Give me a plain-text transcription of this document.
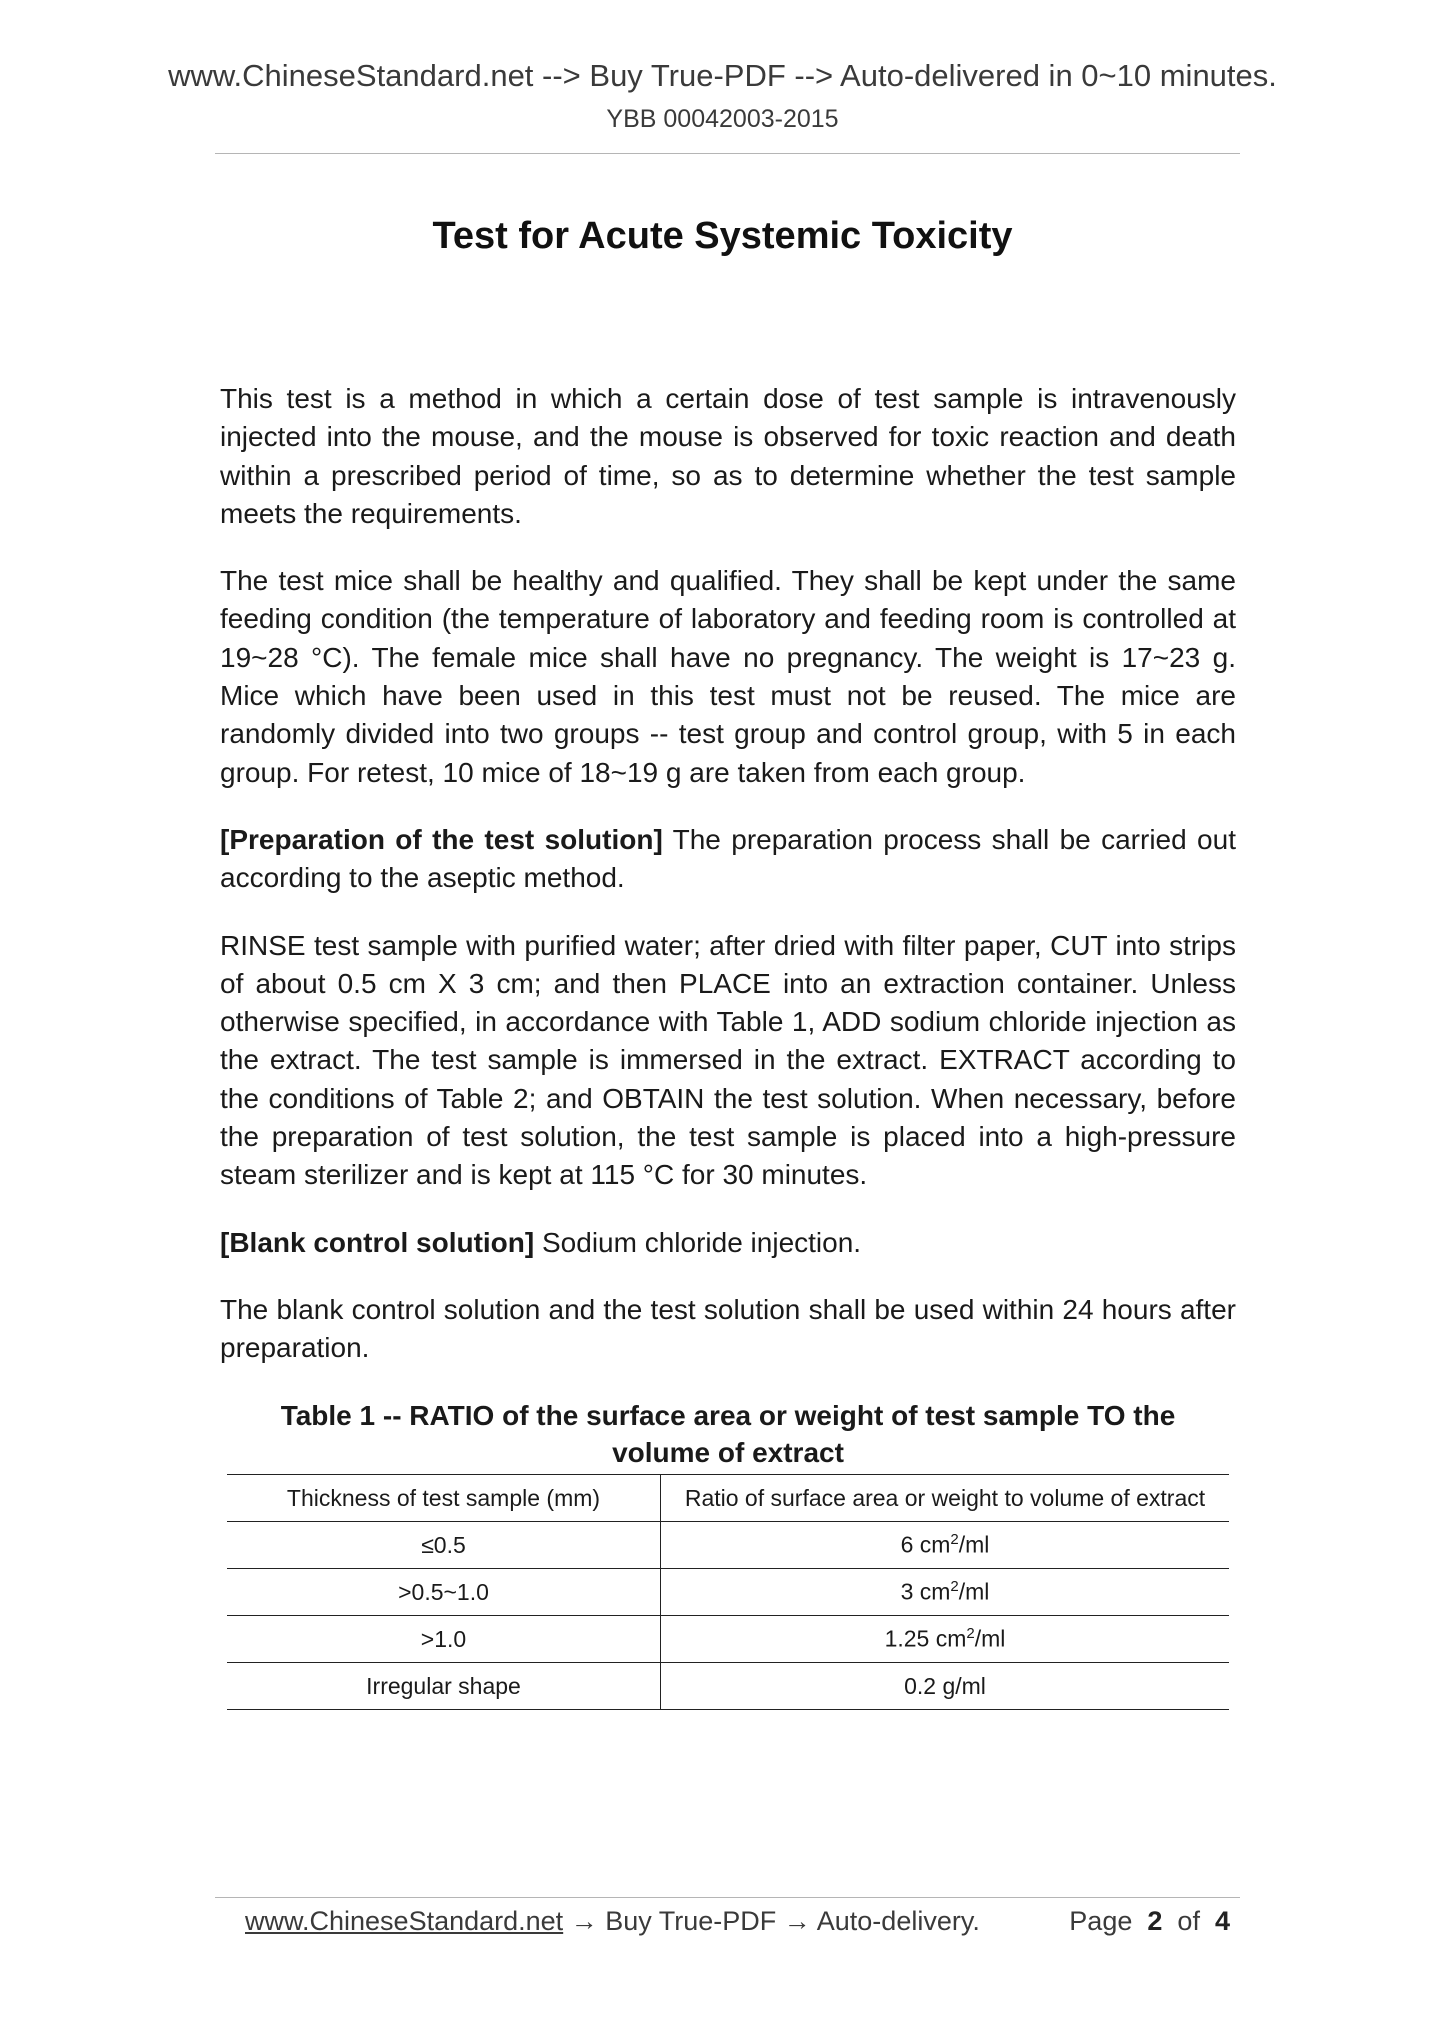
www.ChineseStandard.net --> Buy True-PDF --> Auto-delivered in 0~10 minutes.
YBB 00042003-2015
Test for Acute Systemic Toxicity

This test is a method in which a certain dose of test sample is intravenously injected into the mouse, and the mouse is observed for toxic reaction and death within a prescribed period of time, so as to determine whether the test sample meets the requirements.

The test mice shall be healthy and qualified. They shall be kept under the same feeding condition (the temperature of laboratory and feeding room is controlled at 19~28 °C). The female mice shall have no pregnancy. The weight is 17~23 g. Mice which have been used in this test must not be reused. The mice are randomly divided into two groups -- test group and control group, with 5 in each group. For retest, 10 mice of 18~19 g are taken from each group.

[Preparation of the test solution] The preparation process shall be carried out according to the aseptic method.

RINSE test sample with purified water; after dried with filter paper, CUT into strips of about 0.5 cm X 3 cm; and then PLACE into an extraction container. Unless otherwise specified, in accordance with Table 1, ADD sodium chloride injection as the extract. The test sample is immersed in the extract. EXTRACT according to the conditions of Table 2; and OBTAIN the test solution. When necessary, before the preparation of test solution, the test sample is placed into a high-pressure steam sterilizer and is kept at 115 °C for 30 minutes.

[Blank control solution] Sodium chloride injection.

The blank control solution and the test solution shall be used within 24 hours after preparation.

Table 1 -- RATIO of the surface area or weight of test sample TO the
volume of extract
Thickness of test sample (mm)	Ratio of surface area or weight to volume of extract
≤0.5	6 $cm^2/ml$
>0.5~1.0	3 $cm^2/ml$
>1.0	1.25 $cm^2/ml$
Irregular shape	0.2 g/ml
www.ChineseStandard.net → Buy True-PDF → Auto-delivery.	Page 2 of 4
